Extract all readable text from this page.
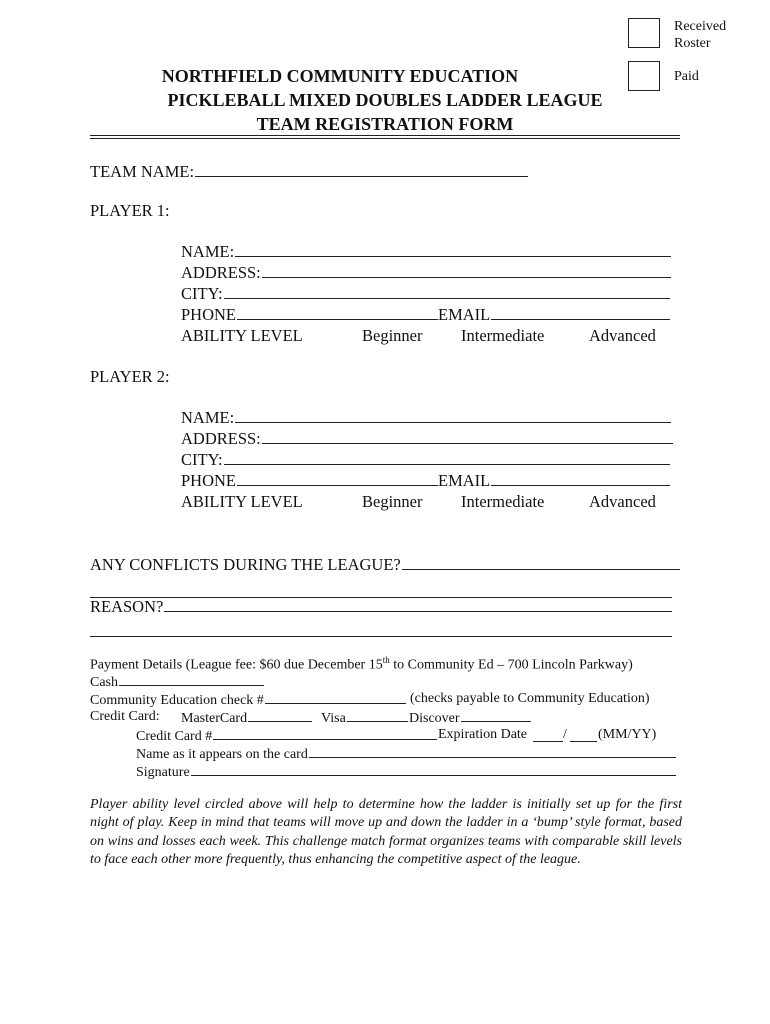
Received
Roster
Paid
NORTHFIELD COMMUNITY EDUCATION
PICKLEBALL MIXED DOUBLES LADDER LEAGUE
TEAM REGISTRATION FORM
TEAM NAME:
PLAYER 1:
NAME:
ADDRESS:
CITY:
PHONE	EMAIL
ABILITY LEVEL	Beginner Intermediate	Advanced
PLAYER 2:
NAME:
ADDRESS:
CITY:
PHONE	EMAIL
ABILITY LEVEL	Beginner Intermediate	Advanced
ANY CONFLICTS DURING THE LEAGUE?
REASON?
Payment Details (League fee: $60 due December 15th to Community Ed – 700 Lincoln Parkway)
Cash
Community Education check #	(checks payable to Community Education)
Credit Card: MasterCard	Visa	Discover
Credit Card #	Expiration Date	/ (MM/YY)
Name as it appears on the card
Signature
Player ability level circled above will help to determine how the ladder is initially set up for the first night of play. Keep in mind that teams will move up and down the ladder in a ‘bump’ style format, based on wins and losses each week. This challenge match format organizes teams with comparable skill levels to face each other more frequently, thus enhancing the competitive aspect of the league.
